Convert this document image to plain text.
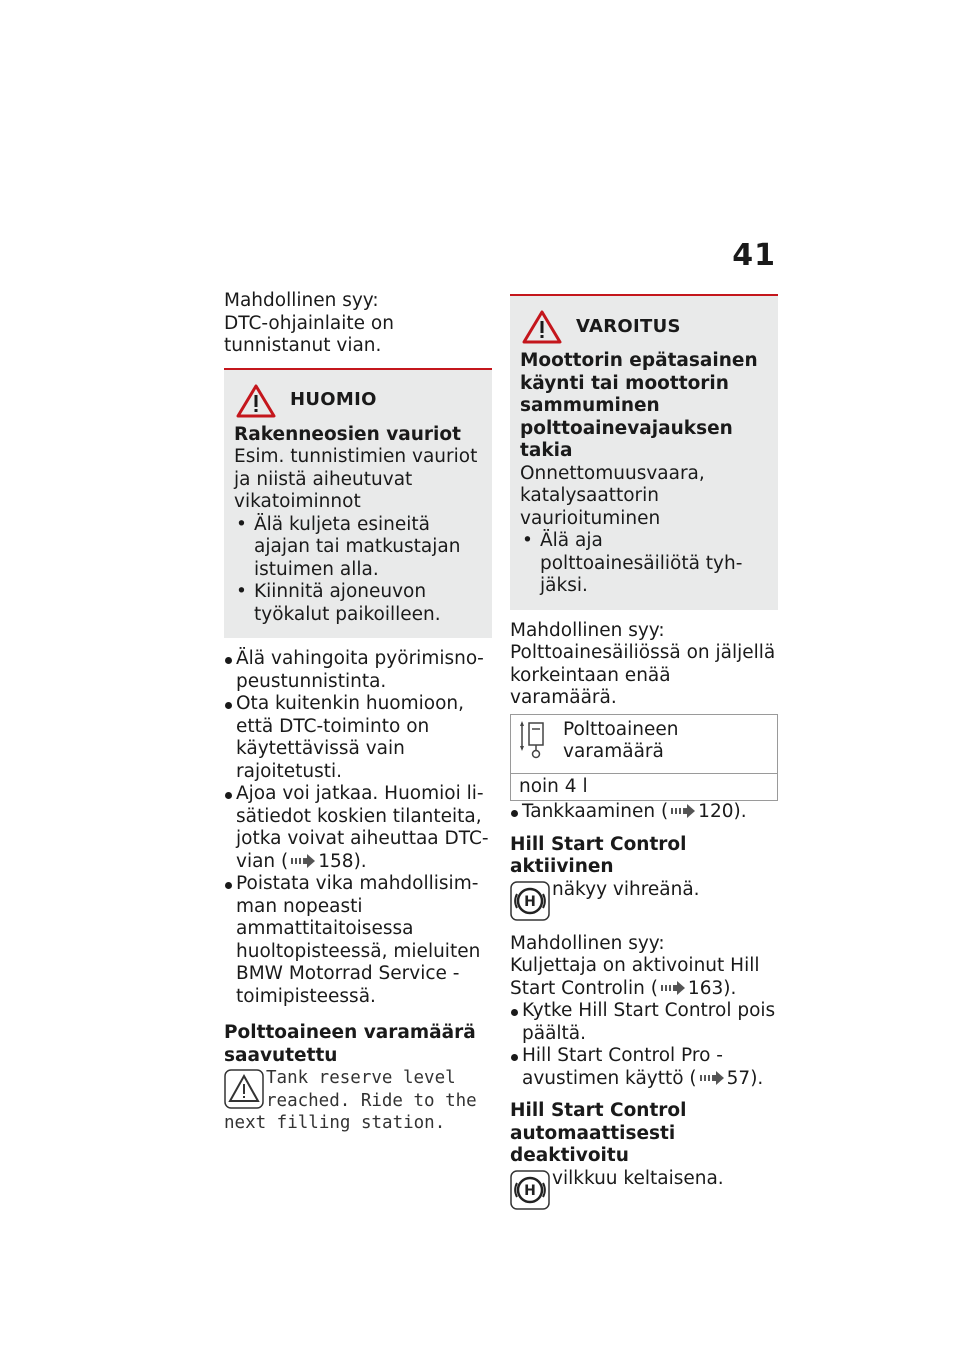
41

Mahdollinen syy:

DTC-ohjainlaite on tunnistanut vian.

HUOMIO

Rakenneosien vauriot

Esim. tunnistimien vauriot ja niistä aiheutuvat vikatoiminnot

• Älä kuljeta esineitä ajajan tai matkustajan istuimen alla.
• Kiinnitä ajoneuvon työkalut paikoilleen.
Älä vahingoita pyörimisnopeustunnistinta.
Ota kuitenkin huomioon, että DTC-toiminto on käytettävissä vain rajoitetusti.
Ajoa voi jatkaa. Huomioi lisätiedot koskien tilanteita, jotka voivat aiheuttaa DTC-vian ( 158).
Poistata vika mahdollisimman nopeasti ammattitaitoisessa huoltopisteessä, mieluiten BMW Motorrad Service -toimipisteessä.

Polttoaineen varamäärä saavutettu

Tank reserve level reached. Ride to the next filling station.

VAROITUS

Moottorin epätasainen käynti tai moottorin sammuminen polttoainevajauksen takia

Onnettomuusvaara, katalysaattorin vaurioituminen

• Älä aja polttoainesäiliötä tyhjäksi.

Mahdollinen syy:

Polttoainesäiliössä on jäljellä korkeintaan enää varamäärä.

Polttoaineen varamäärä
noin 4 l
Tankkaaminen ( 120).

Hill Start Control aktiivinen

H

näkyy vihreänä.

Mahdollinen syy:

Kuljettaja on aktivoinut Hill Start Controlin ( 163).

Kytke Hill Start Control pois päältä.
Hill Start Control Pro -avustimen käyttö ( 57).

Hill Start Control automaattisesti deaktivoitu

H

vilkkuu keltaisena.
